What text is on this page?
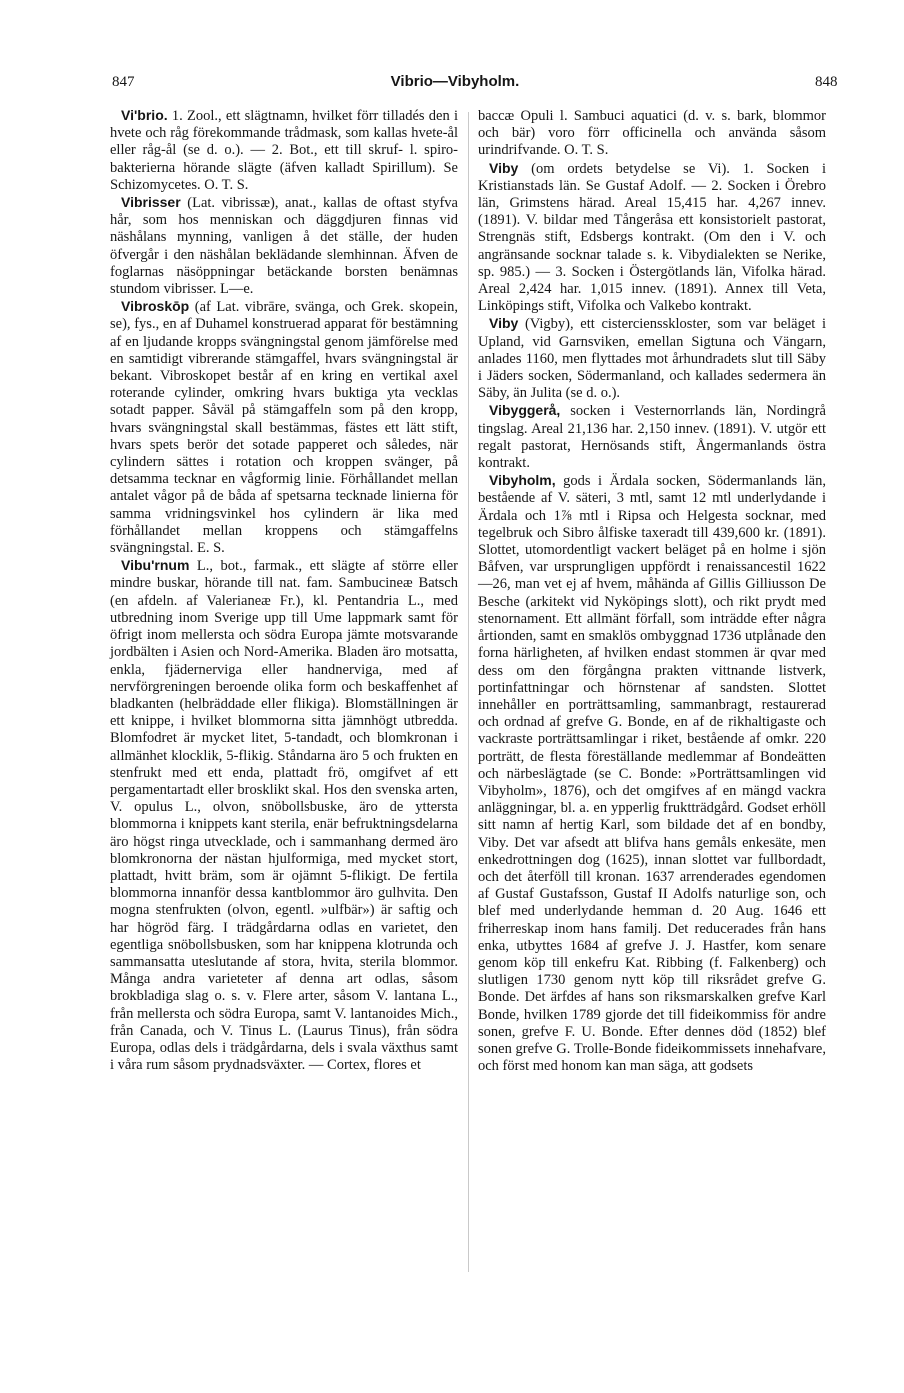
847	Vibrio—Vibyholm.	848

Vi'brio. 1. Zool., ett slägtnamn, hvilket förr tilladés den i hvete och råg förekommande trådmask, som kallas hvete-ål eller råg-ål (se d. o.). — 2. Bot., ett till skruf- l. spiro-bakterierna hörande slägte (äfven kalladt Spirillum). Se Schizomycetes. O. T. S.

Vibrisser (Lat. vibrissæ), anat., kallas de oftast styfva hår, som hos menniskan och däggdjuren finnas vid näshålans mynning, vanligen å det ställe, der huden öfvergår i den näshålan beklädande slemhinnan. Äfven de foglarnas näsöppningar betäckande borsten benämnas stundom vibrisser. L—e.

Vibroskōp (af Lat. vibrāre, svänga, och Grek. skopein, se), fys., en af Duhamel konstruerad apparat för bestämning af en ljudande kropps svängningstal genom jämförelse med en samtidigt vibrerande stämgaffel, hvars svängningstal är bekant. Vibroskopet består af en kring en vertikal axel roterande cylinder, omkring hvars buktiga yta vecklas sotadt papper. Såväl på stämgaffeln som på den kropp, hvars svängningstal skall bestämmas, fästes ett lätt stift, hvars spets berör det sotade papperet och således, när cylindern sättes i rotation och kroppen svänger, på detsamma tecknar en vågformig linie. Förhållandet mellan antalet vågor på de båda af spetsarna tecknade linierna för samma vridningsvinkel hos cylindern är lika med förhållandet mellan kroppens och stämgaffelns svängningstal. E. S.

Vibu'rnum L., bot., farmak., ett slägte af större eller mindre buskar, hörande till nat. fam. Sambucineæ Batsch (en afdeln. af Valerianeæ Fr.), kl. Pentandria L., med utbredning inom Sverige upp till Ume lappmark samt för öfrigt inom mellersta och södra Europa jämte motsvarande jordbälten i Asien och Nord-Amerika. Bladen äro motsatta, enkla, fjädernerviga eller handnerviga, med af nervförgreningen beroende olika form och beskaffenhet af bladkanten (helbräddade eller flikiga). Blomställningen är ett knippe, i hvilket blommorna sitta jämnhögt utbredda. Blomfodret är mycket litet, 5-tandadt, och blomkronan i allmänhet klocklik, 5-flikig. Ståndarna äro 5 och frukten en stenfrukt med ett enda, plattadt frö, omgifvet af ett pergamentartadt eller brosklikt skal. Hos den svenska arten, V. opulus L., olvon, snöbollsbuske, äro de yttersta blommorna i knippets kant sterila, enär befruktningsdelarna äro högst ringa utvecklade, och i sammanhang dermed äro blomkronorna der nästan hjulformiga, med mycket stort, plattadt, hvitt bräm, som är ojämnt 5-flikigt. De fertila blommorna innanför dessa kantblommor äro gulhvita. Den mogna stenfrukten (olvon, egentl. »ulfbär») är saftig och har högröd färg. I trädgårdarna odlas en varietet, den egentliga snöbollsbusken, som har knippena klotrunda och sammansatta uteslutande af stora, hvita, sterila blommor. Många andra varieteter af denna art odlas, såsom brokbladiga slag o. s. v. Flere arter, såsom V. lantana L., från mellersta och södra Europa, samt V. lantanoides Mich., från Canada, och V. Tinus L. (Laurus Tinus), från södra Europa, odlas dels i trädgårdarna, dels i svala växthus samt i våra rum såsom prydnadsväxter. — Cortex, flores et

baccæ Opuli l. Sambuci aquatici (d. v. s. bark, blommor och bär) voro förr officinella och använda såsom urindrifvande. O. T. S.

Viby (om ordets betydelse se Vi). 1. Socken i Kristianstads län. Se Gustaf Adolf. — 2. Socken i Örebro län, Grimstens härad. Areal 15,415 har. 4,267 innev. (1891). V. bildar med Tångeråsa ett konsistorielt pastorat, Strengnäs stift, Edsbergs kontrakt. (Om den i V. och angränsande socknar talade s. k. Vibydialekten se Nerike, sp. 985.) — 3. Socken i Östergötlands län, Vifolka härad. Areal 2,424 har. 1,015 innev. (1891). Annex till Veta, Linköpings stift, Vifolka och Valkebo kontrakt.

Viby (Vigby), ett cisterciensskloster, som var beläget i Upland, vid Garnsviken, emellan Sigtuna och Vängarn, anlades 1160, men flyttades mot århundradets slut till Säby i Jäders socken, Södermanland, och kallades sedermera än Säby, än Julita (se d. o.).

Vibyggerå, socken i Vesternorrlands län, Nordingrå tingslag. Areal 21,136 har. 2,150 innev. (1891). V. utgör ett regalt pastorat, Hernösands stift, Ångermanlands östra kontrakt.

Vibyholm, gods i Ärdala socken, Södermanlands län, bestående af V. säteri, 3 mtl, samt 12 mtl underlydande i Ärdala och 1⅞ mtl i Ripsa och Helgesta socknar, med tegelbruk och Sibro ålfiske taxeradt till 439,600 kr. (1891). Slottet, utomordentligt vackert beläget på en holme i sjön Båfven, var ursprungligen uppfördt i renaissancestil 1622—26, man vet ej af hvem, måhända af Gillis Gilliusson De Besche (arkitekt vid Nyköpings slott), och rikt prydt med stenornament. Ett allmänt förfall, som inträdde efter några årtionden, samt en smaklös ombyggnad 1736 utplånade den forna härligheten, af hvilken endast stommen är qvar med dess om den förgångna prakten vittnande listverk, portinfattningar och hörnstenar af sandsten. Slottet innehåller en porträttsamling, sammanbragt, restaurerad och ordnad af grefve G. Bonde, en af de rikhaltigaste och vackraste porträttsamlingar i riket, bestående af omkr. 220 porträtt, de flesta föreställande medlemmar af Bondeätten och närbeslägtade (se C. Bonde: »Porträttsamlingen vid Vibyholm», 1876), och det omgifves af en mängd vackra anläggningar, bl. a. en ypperlig fruktträdgård. Godset erhöll sitt namn af hertig Karl, som bildade det af en bondby, Viby. Det var afsedt att blifva hans gemåls enkesäte, men enkedrottningen dog (1625), innan slottet var fullbordadt, och det återföll till kronan. 1637 arrenderades egendomen af Gustaf Gustafsson, Gustaf II Adolfs naturlige son, och blef med underlydande hemman d. 20 Aug. 1646 ett friherreskap inom hans familj. Det reducerades från hans enka, utbyttes 1684 af grefve J. J. Hastfer, kom senare genom köp till enkefru Kat. Ribbing (f. Falkenberg) och slutligen 1730 genom nytt köp till riksrådet grefve G. Bonde. Det ärfdes af hans son riksmarskalken grefve Karl Bonde, hvilken 1789 gjorde det till fideikommiss för andre sonen, grefve F. U. Bonde. Efter dennes död (1852) blef sonen grefve G. Trolle-Bonde fideikommissets innehafvare, och först med honom kan man säga, att godsets
